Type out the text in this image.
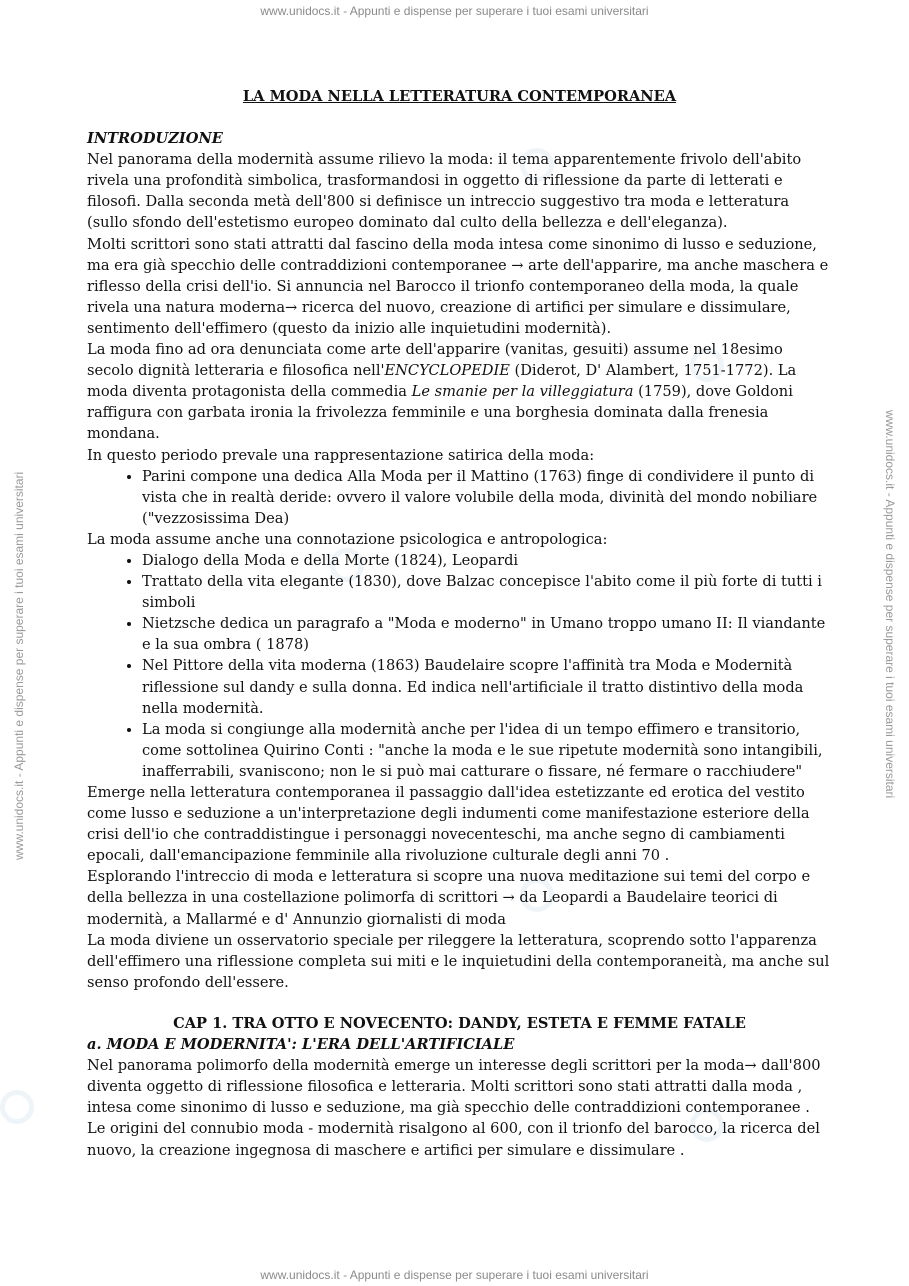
www.unidocs.it - Appunti e dispense per superare i tuoi esami universitari
www.unidocs.it - Appunti e dispense per superare i tuoi esami universitari	www.unidocs.it - Appunti e dispense per superare i tuoi esami universitari
LA MODA NELLA LETTERATURA CONTEMPORANEA
INTRODUZIONE

Nel panorama della modernità assume rilievo la moda: il tema apparentemente frivolo dell'abito rivela una profondità simbolica, trasformandosi in oggetto di riflessione da parte di letterati e filosofi. Dalla seconda metà dell'800 si definisce un intreccio suggestivo tra moda e letteratura (sullo sfondo dell'estetismo europeo dominato dal culto della bellezza e dell'eleganza).

Molti scrittori sono stati attratti dal fascino della moda intesa come sinonimo di lusso e seduzione, ma era già specchio delle contraddizioni contemporanee → arte dell'apparire, ma anche maschera e riflesso della crisi dell'io. Si annuncia nel Barocco il trionfo contemporaneo della moda, la quale rivela una natura moderna→ ricerca del nuovo, creazione di artifici per simulare e dissimulare, sentimento dell'effimero (questo da inizio alle inquietudini modernità).

La moda fino ad ora denunciata come arte dell'apparire (vanitas, gesuiti) assume nel 18esimo secolo dignità letteraria e filosofica nell'ENCYCLOPEDIE (Diderot, D' Alambert, 1751-1772). La moda diventa protagonista della commedia Le smanie per la villeggiatura (1759), dove Goldoni raffigura con garbata ironia la frivolezza femminile e una borghesia dominata dalla frenesia mondana.

In questo periodo prevale una rappresentazione satirica della moda:

• Parini compone una dedica Alla Moda per il Mattino (1763) finge di condividere il punto di vista che in realtà deride: ovvero il valore volubile della moda, divinità del mondo nobiliare ("vezzosissima Dea)

La moda assume anche una connotazione psicologica e antropologica:

• Dialogo della Moda e della Morte (1824), Leopardi
• Trattato della vita elegante (1830), dove Balzac concepisce l'abito come il più forte di tutti i simboli
• Nietzsche dedica un paragrafo a "Moda e moderno" in Umano troppo umano II: Il viandante e la sua ombra ( 1878)
• Nel Pittore della vita moderna (1863) Baudelaire scopre l'affinità tra Moda e Modernità riflessione sul dandy e sulla donna. Ed indica nell'artificiale il tratto distintivo della moda nella modernità.
• La moda si congiunge alla modernità anche per l'idea di un tempo effimero e transitorio, come sottolinea Quirino Conti : "anche la moda e le sue ripetute modernità sono intangibili, inafferrabili, svaniscono; non le si può mai catturare o fissare, né fermare o racchiudere"

Emerge nella letteratura contemporanea il passaggio dall'idea estetizzante ed erotica del vestito come lusso e seduzione a un'interpretazione degli indumenti come manifestazione esteriore della crisi dell'io che contraddistingue i personaggi novecenteschi, ma anche segno di cambiamenti epocali, dall'emancipazione femminile alla rivoluzione culturale degli anni 70 .

Esplorando l'intreccio di moda e letteratura si scopre una nuova meditazione sui temi del corpo e della bellezza in una costellazione polimorfa di scrittori → da Leopardi a Baudelaire teorici di modernità, a Mallarmé e d' Annunzio giornalisti di moda

La moda diviene un osservatorio speciale per rileggere la letteratura, scoprendo sotto l'apparenza dell'effimero una riflessione completa sui miti e le inquietudini della contemporaneità, ma anche sul senso profondo dell'essere.

CAP 1. TRA OTTO E NOVECENTO: DANDY, ESTETA E FEMME FATALE
a. MODA E MODERNITA': L'ERA DELL'ARTIFICIALE

Nel panorama polimorfo della modernità emerge un interesse degli scrittori per la moda→ dall'800 diventa oggetto di riflessione filosofica e letteraria. Molti scrittori sono stati attratti dalla moda , intesa come sinonimo di lusso e seduzione, ma già specchio delle contraddizioni contemporanee . Le origini del connubio moda - modernità risalgono al 600, con il trionfo del barocco, la ricerca del nuovo, la creazione ingegnosa di maschere e artifici per simulare e dissimulare .

www.unidocs.it - Appunti e dispense per superare i tuoi esami universitari
